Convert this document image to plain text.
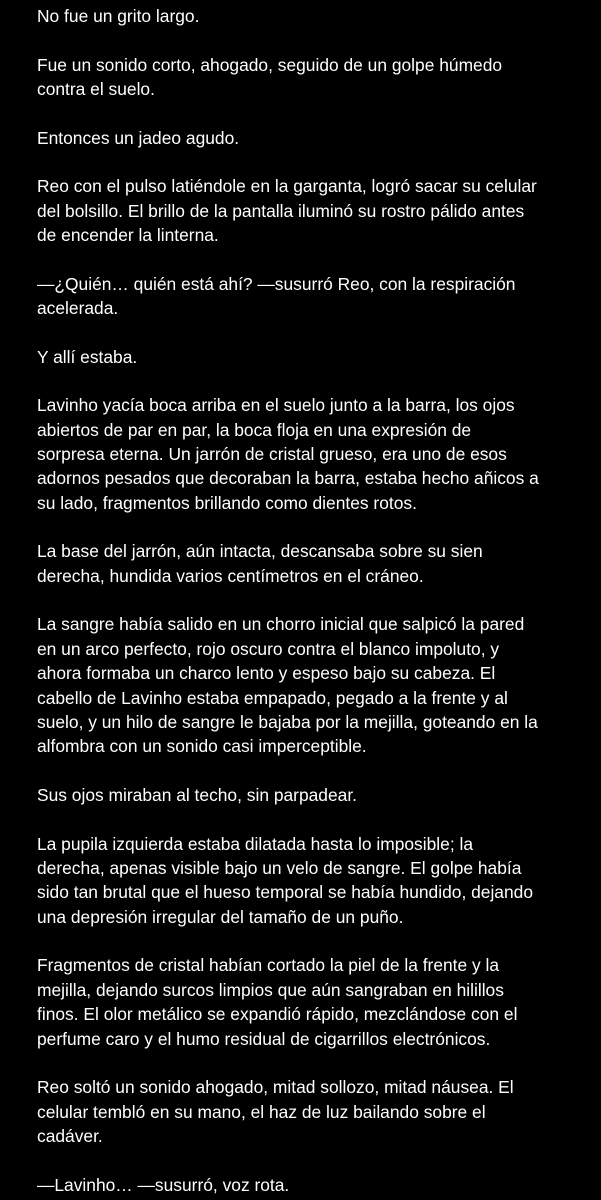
No fue un grito largo.

Fue un sonido corto, ahogado, seguido de un golpe húmedo
contra el suelo.

Entonces un jadeo agudo.

Reo con el pulso latiéndole en la garganta, logró sacar su celular
del bolsillo. El brillo de la pantalla iluminó su rostro pálido antes
de encender la linterna.

—¿Quién… quién está ahí? —susurró Reo, con la respiración
acelerada.

Y allí estaba.

Lavinho yacía boca arriba en el suelo junto a la barra, los ojos
abiertos de par en par, la boca floja en una expresión de
sorpresa eterna. Un jarrón de cristal grueso, era uno de esos
adornos pesados que decoraban la barra, estaba hecho añicos a
su lado, fragmentos brillando como dientes rotos.

La base del jarrón, aún intacta, descansaba sobre su sien
derecha, hundida varios centímetros en el cráneo.

La sangre había salido en un chorro inicial que salpicó la pared
en un arco perfecto, rojo oscuro contra el blanco impoluto, y
ahora formaba un charco lento y espeso bajo su cabeza. El
cabello de Lavinho estaba empapado, pegado a la frente y al
suelo, y un hilo de sangre le bajaba por la mejilla, goteando en la
alfombra con un sonido casi imperceptible.

Sus ojos miraban al techo, sin parpadear.

La pupila izquierda estaba dilatada hasta lo imposible; la
derecha, apenas visible bajo un velo de sangre. El golpe había
sido tan brutal que el hueso temporal se había hundido, dejando
una depresión irregular del tamaño de un puño.

Fragmentos de cristal habían cortado la piel de la frente y la
mejilla, dejando surcos limpios que aún sangraban en hilillos
finos. El olor metálico se expandió rápido, mezclándose con el
perfume caro y el humo residual de cigarrillos electrónicos.

Reo soltó un sonido ahogado, mitad sollozo, mitad náusea. El
celular tembló en su mano, el haz de luz bailando sobre el
cadáver.

—Lavinho… —susurró, voz rota.
